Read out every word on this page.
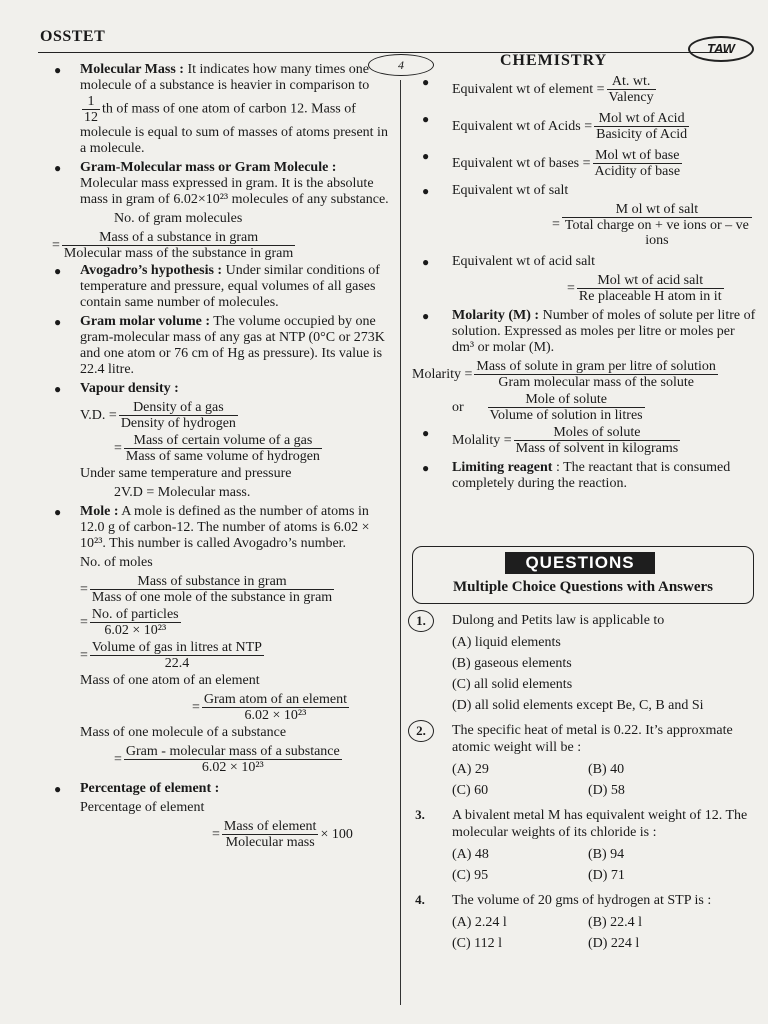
OSSTET
4	CHEMISTRY
TAW
● Molecular Mass : It indicates how many times one molecule of a substance is heavier in comparison to
$\frac{1}{12}$ th of mass of one atom of carbon 12. Mass of molecule is equal to sum of masses of atoms present in a molecule.
● Gram-Molecular mass or Gram Molecule : Molecular mass expressed in gram. It is the absolute mass in gram of 6.02×10²³ molecules of any substance.
No. of gram molecules
= $\frac{\text{Mass of a substance in gram}}{\text{Molecular mass of the substance in gram}}$
● Avogadro’s hypothesis : Under similar conditions of temperature and pressure, equal volumes of all gases contain same number of molecules.
● Gram molar volume : The volume occupied by one gram-molecular mass of any gas at NTP (0°C or 273K and one atom or 76 cm of Hg as pressure). Its value is 22.4 litre.
● Vapour density :
V.D. = $\frac{\text{Density of a gas}}{\text{Density of hydrogen}}$
= $\frac{\text{Mass of certain volume of a gas}}{\text{Mass of same volume of hydrogen}}$
Under same temperature and pressure
2V.D = Molecular mass.
● Mole : A mole is defined as the number of atoms in 12.0 g of carbon-12. The number of atoms is 6.02 × 10²³. This number is called Avogadro’s number.
No. of moles
= $\frac{\text{Mass of substance in gram}}{\text{Mass of one mole of the substance in gram}}$
= $\frac{\text{No. of particles}}{\text{6.02 × 10²³}}$
= $\frac{\text{Volume of gas in litres at NTP}}{22.4}$
Mass of one atom of an element
= $\frac{\text{Gram atom of an element}}{\text{6.02 × 10²³}}$
Mass of one molecule of a substance
= $\frac{\text{Gram - molecular mass of a substance}}{\text{6.02 × 10²³}}$
● Percentage of element :
Percentage of element
= $\frac{\text{Mass of element}}{\text{Molecular mass}} \times 100$
● Equivalent wt of element = $\frac{At. wt.}{\text{Valency}}$
● Equivalent wt of Acids = $\frac{\text{Mol wt of Acid}}{\text{Basicity of Acid}}$
● Equivalent wt of bases = $\frac{\text{Mol wt of base}}{\text{Acidity of base}}$
● Equivalent wt of salt
= $\frac{\text{M ol wt of salt}}{\text{Total charge on + ve ions or – ve ions}}$
● Equivalent wt of acid salt
= $\frac{\text{Mol wt of acid salt}}{\text{Re placeable H atom in it}}$
● Molarity (M) : Number of moles of solute per litre of solution. Expressed as moles per litre or moles per dm³ or molar (M).
Molarity = $\frac{\text{Mass of solute in gram per litre of solution}}{\text{Gram molecular mass of the solute}}$
or $\frac{\text{Mole of solute}}{\text{Volume of solution in litres}}$
● Molality = $\frac{\text{Moles of solute}}{\text{Mass of solvent in kilograms}}$
● Limiting reagent : The reactant that is consumed completely during the reaction.
QUESTIONS
Multiple Choice Questions with Answers
1.	Dulong and Petits law is applicable to
(A) liquid elements
(B) gaseous elements
(C) all solid elements
(D) all solid elements except Be, C, B and Si
2.	The specific heat of metal is 0.22. It’s approxmate atomic weight will be :
(A) 29	(B) 40
(C) 60	(D) 58
3.	A bivalent metal M has equivalent weight of 12. The molecular weights of its chloride is :
(A) 48	(B) 94
(C) 95	(D) 71
4.	The volume of 20 gms of hydrogen at STP is :
(A) 2.24 l	(B) 22.4 l
(C) 112 l	(D) 224 l
